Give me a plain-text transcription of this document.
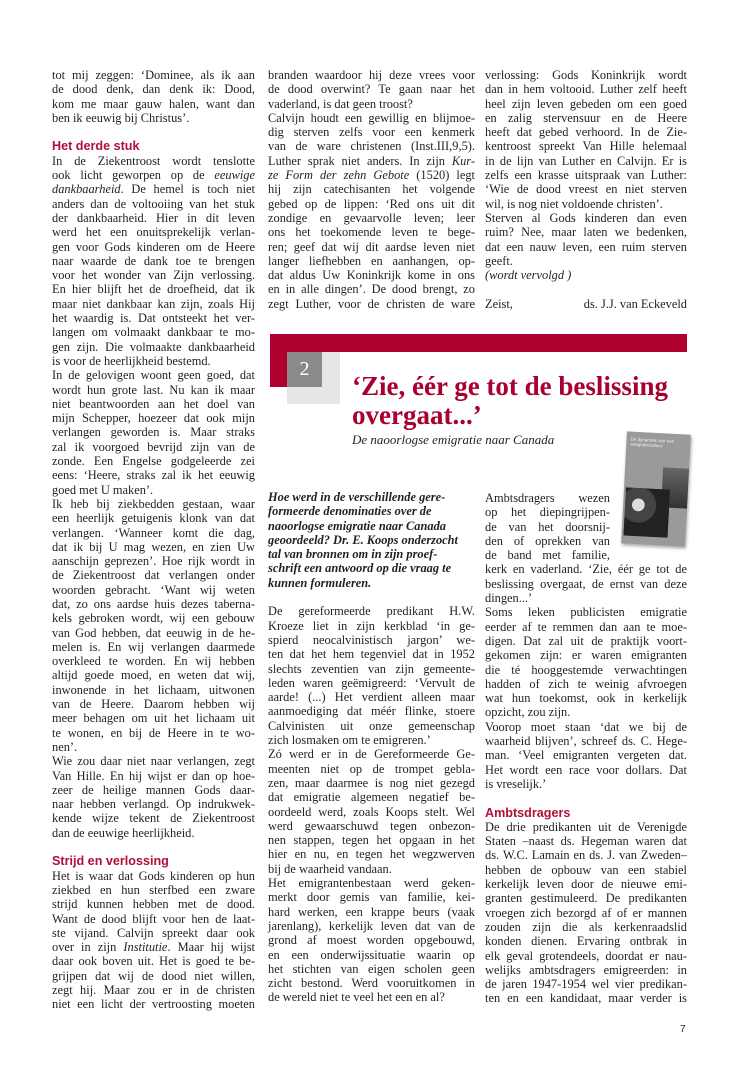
tot mij zeggen: ‘Dominee, als ik aan
de dood denk, dan denk ik: Dood,
kom me maar gauw halen, want dan
ben ik eeuwig bij Christus’.
Het derde stuk
In de Ziekentroost wordt tenslotte
ook licht geworpen op de eeuwige
dankbaarheid. De hemel is toch niet
anders dan de voltooiing van het stuk
der dankbaarheid. Hier in dit leven
werd het een onuitsprekelijk verlan-
gen voor Gods kinderen om de Heere
naar waarde de dank toe te brengen
voor het wonder van Zijn verlossing.
En hier blijft het de droefheid, dat ik
maar niet dankbaar kan zijn, zoals Hij
het waardig is. Dat ontsteekt het ver-
langen om volmaakt dankbaar te mo-
gen zijn. Die volmaakte dankbaarheid
is voor de heerlijkheid bestemd.
In de gelovigen woont geen goed, dat
wordt hun grote last. Nu kan ik maar
niet beantwoorden aan het doel van
mijn Schepper, hoezeer dat ook mijn
verlangen geworden is. Maar straks
zal ik voorgoed bevrijd zijn van de
zonde. Een Engelse godgeleerde zei
eens: ‘Heere, straks zal ik het eeuwig
goed met U maken’.
Ik heb bij ziekbedden gestaan, waar
een heerlijk getuigenis klonk van dat
verlangen. ‘Wanneer komt die dag,
dat ik bij U mag wezen, en zien Uw
aanschijn geprezen’. Hoe rijk wordt in
de Ziekentroost dat verlangen onder
woorden gebracht. ‘Want wij weten
dat, zo ons aardse huis dezes taberna-
kels gebroken wordt, wij een gebouw
van God hebben, dat eeuwig in de he-
melen is. En wij verlangen daarmede
overkleed te worden. En wij hebben
altijd goede moed, en weten dat wij,
inwonende in het lichaam, uitwonen
van de Heere. Daarom hebben wij
meer behagen om uit het lichaam uit
te wonen, en bij de Heere in te wo-
nen’.
Wie zou daar niet naar verlangen, zegt
Van Hille. En hij wijst er dan op hoe-
zeer de heilige mannen Gods daar-
naar hebben verlangd. Op indrukwek-
kende wijze tekent de Ziekentroost
dan de eeuwige heerlijkheid.
Strijd en verlossing
Het is waar dat Gods kinderen op hun
ziekbed en hun sterfbed een zware
strijd kunnen hebben met de dood.
Want de dood blijft voor hen de laat-
ste vijand. Calvijn spreekt daar ook
over in zijn Institutie. Maar hij wijst
daar ook boven uit. Het is goed te be-
grijpen dat wij de dood niet willen,
zegt hij. Maar zou er in de christen
niet een licht der vertroosting moeten
branden waardoor hij deze vrees voor
de dood overwint? Te gaan naar het
vaderland, is dat geen troost?
Calvijn houdt een gewillig en blijmoe-
dig sterven zelfs voor een kenmerk
van de ware christenen (Inst.III,9,5).
Luther sprak niet anders. In zijn Kur-
ze Form der zehn Gebote (1520) legt
hij zijn catechisanten het volgende
gebed op de lippen: ‘Red ons uit dit
zondige en gevaarvolle leven; leer
ons het toekomende leven te bege-
ren; geef dat wij dit aardse leven niet
langer liefhebben en aanhangen, op-
dat aldus Uw Koninkrijk kome in ons
en in alle dingen’. De dood brengt, zo
zegt Luther, voor de christen de ware
verlossing: Gods Koninkrijk wordt
dan in hem voltooid. Luther zelf heeft
heel zijn leven gebeden om een goed
en zalig stervensuur en de Heere
heeft dat gebed verhoord. In de Zie-
kentroost spreekt Van Hille helemaal
in de lijn van Luther en Calvijn. Er is
zelfs een krasse uitspraak van Luther:
‘Wie de dood vreest en niet sterven
wil, is nog niet voldoende christen’.
Sterven al Gods kinderen dan even
ruim? Nee, maar laten we bedenken,
dat een nauw leven, een ruim sterven
geeft.
(wordt vervolgd )
Zeist,	ds. J.J. van Eckeveld
2
‘Zie, éér ge tot de beslissing overgaat...’
De naoorlogse emigratie naar Canada	De dynamiek van een emigratiecultuur
Hoe werd in de verschillende gere-
formeerde denominaties over de
naoorlogse emigratie naar Canada
geoordeeld? Dr. E. Koops onderzocht
tal van bronnen om in zijn proef-
schrift een antwoord op die vraag te
kunnen formuleren.
De gereformeerde predikant H.W.
Kroeze liet in zijn kerkblad ‘in ge-
spierd neocalvinistisch jargon’ we-
ten dat het hem tegenviel dat in 1952
slechts zeventien van zijn gemeente-
leden waren geëmigreerd: ‘Vervult de
aarde! (...) Het verdient alleen maar
aanmoediging dat méér flinke, stoere
Calvinisten uit onze gemeenschap
zich losmaken om te emigreren.’
Zó werd er in de Gereformeerde Ge-
meenten niet op de trompet gebla-
zen, maar daarmee is nog niet gezegd
dat emigratie algemeen negatief be-
oordeeld werd, zoals Koops stelt. Wel
werd gewaarschuwd tegen onbezon-
nen stappen, tegen het opgaan in het
hier en nu, en tegen het wegzwerven
bij de waarheid vandaan.
Het emigrantenbestaan werd geken-
merkt door gemis van familie, kei-
hard werken, een krappe beurs (vaak
jarenlang), kerkelijk leven dat van de
grond af moest worden opgebouwd,
en een onderwijssituatie waarin op
het stichten van eigen scholen geen
zicht bestond. Werd vooruitkomen in
de wereld niet te veel het een en al?
Ambtsdragers wezen
op het diepingrijpen-
de van het doorsnij-
den of oprekken van
de band met familie,
kerk en vaderland. ‘Zie, éér ge tot de
beslissing overgaat, de ernst van deze
dingen...’
Soms leken publicisten emigratie
eerder af te remmen dan aan te moe-
digen. Dat zal uit de praktijk voort-
gekomen zijn: er waren emigranten
die té hooggestemde verwachtingen
hadden of zich te weinig afvroegen
wat hun toekomst, ook in kerkelijk
opzicht, zou zijn.
Voorop moet staan ‘dat we bij de
waarheid blijven’, schreef ds. C. Hege-
man. ‘Veel emigranten vergeten dat.
Het wordt een race voor dollars. Dat
is vreselijk.’
Ambtsdragers
De drie predikanten uit de Verenigde
Staten –naast ds. Hegeman waren dat
ds. W.C. Lamain en ds. J. van Zweden–
hebben de opbouw van een stabiel
kerkelijk leven door de nieuwe emi-
granten gestimuleerd. De predikanten
vroegen zich bezorgd af of er mannen
zouden zijn die als kerkenraadslid
konden dienen. Ervaring ontbrak in
elk geval grotendeels, doordat er nau-
welijks ambtsdragers emigreerden: in
de jaren 1947-1954 wel vier predikan-
ten en een kandidaat, maar verder is
7
